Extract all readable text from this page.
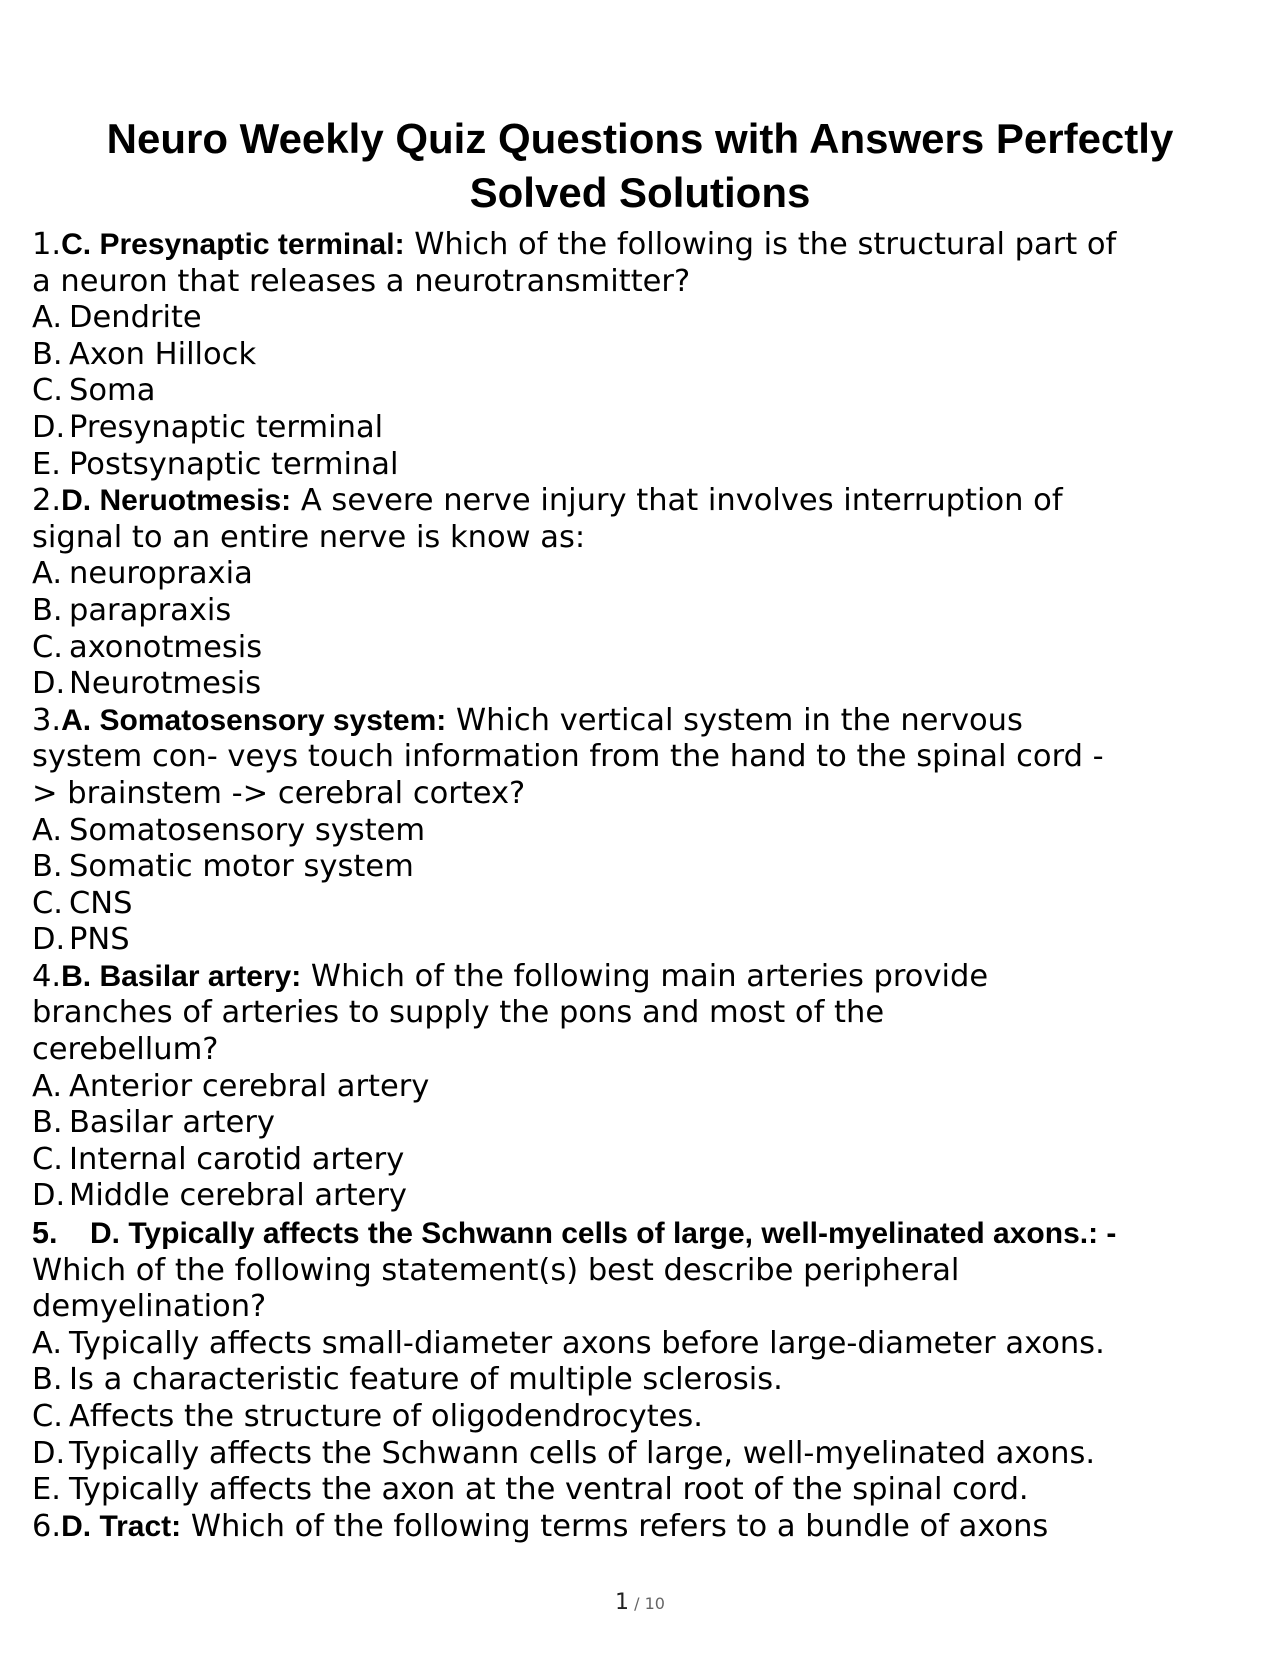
Neuro Weekly Quiz Questions with Answers Perfectly
Solved Solutions
1.C. Presynaptic terminal: Which of the following is the structural part of
a neuron that releases a neurotransmitter?
A. Dendrite
B. Axon Hillock
C. Soma
D. Presynaptic terminal
E. Postsynaptic terminal
2.D. Neruotmesis: A severe nerve injury that involves interruption of
signal to an entire nerve is know as:
A. neuropraxia
B. parapraxis
C. axonotmesis
D. Neurotmesis
3.A. Somatosensory system: Which vertical system in the nervous
system con- veys touch information from the hand to the spinal cord -
> brainstem -> cerebral cortex?
A. Somatosensory system
B. Somatic motor system
C. CNS
D. PNS
4.B. Basilar artery: Which of the following main arteries provide
branches of arteries to supply the pons and most of the
cerebellum?
A. Anterior cerebral artery
B. Basilar artery
C. Internal carotid artery
D. Middle cerebral artery
5. D. Typically affects the Schwann cells of large, well-myelinated axons.: -
Which of the following statement(s) best describe peripheral
demyelination?
A. Typically affects small-diameter axons before large-diameter axons.
B. Is a characteristic feature of multiple sclerosis.
C. Affects the structure of oligodendrocytes.
D. Typically affects the Schwann cells of large, well-myelinated axons.
E. Typically affects the axon at the ventral root of the spinal cord.
6.D. Tract: Which of the following terms refers to a bundle of axons
1 / 10
